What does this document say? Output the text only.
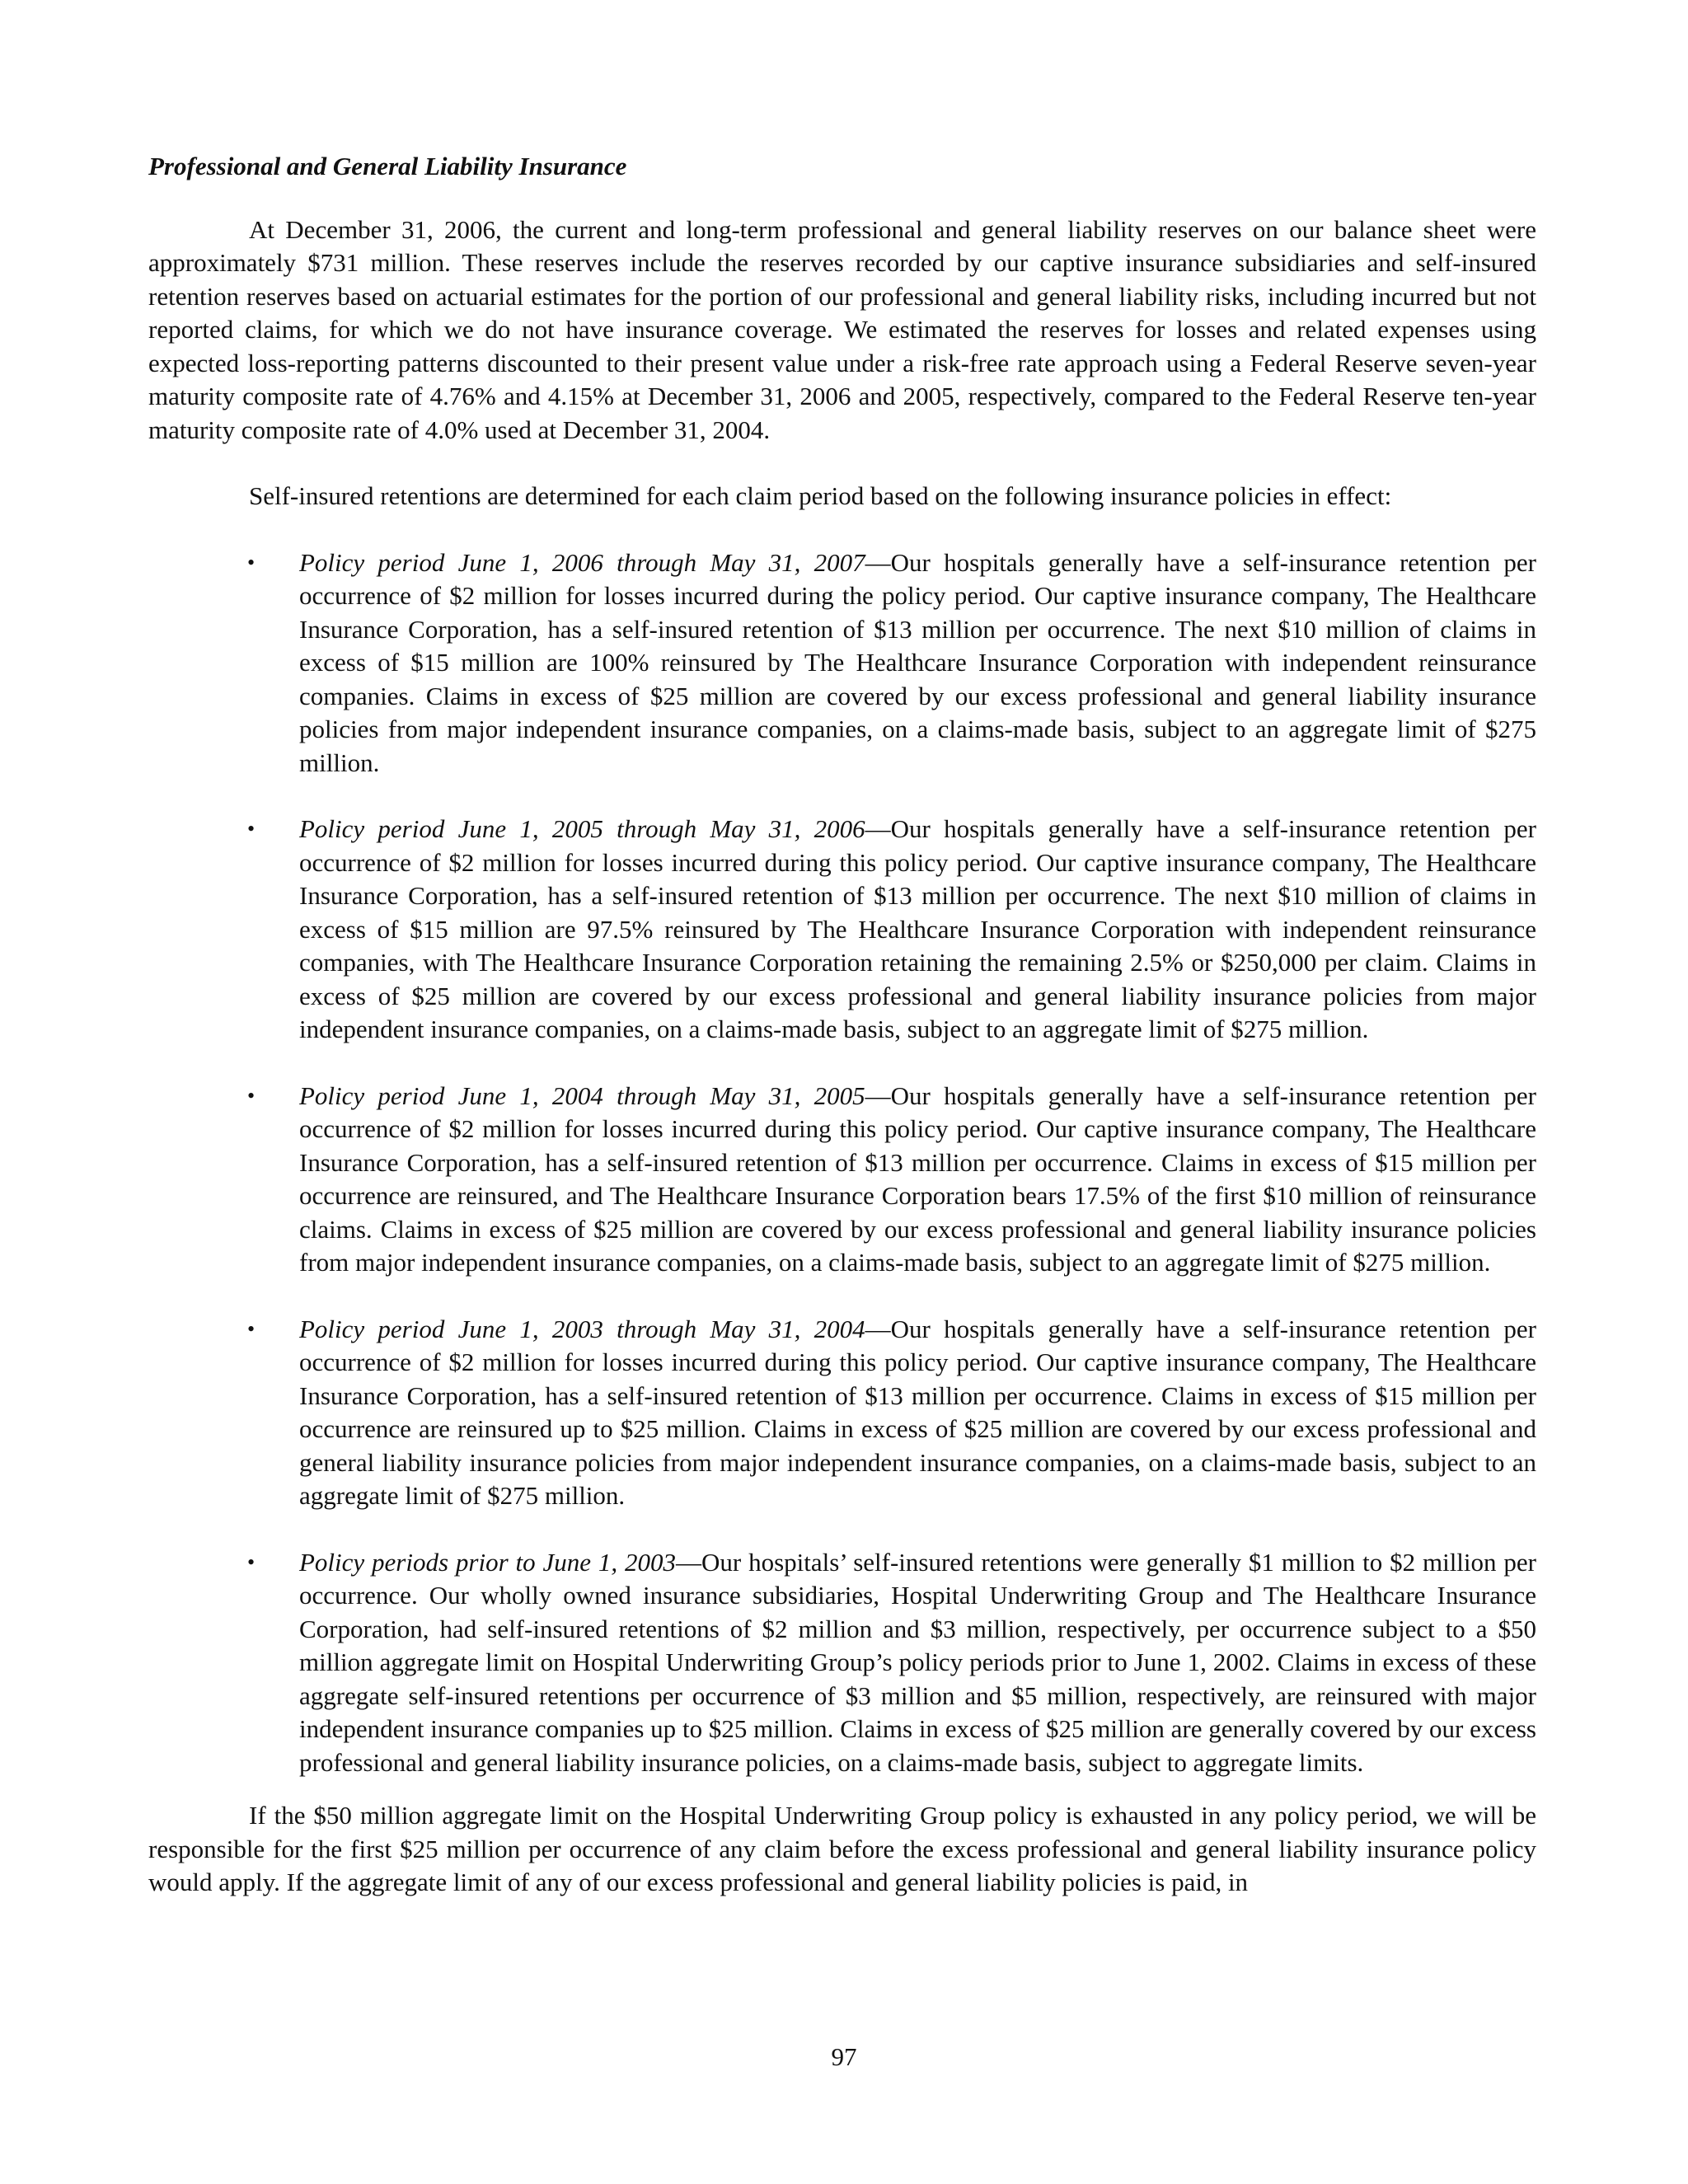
Professional and General Liability Insurance

At December 31, 2006, the current and long-term professional and general liability reserves on our balance sheet were approximately $731 million. These reserves include the reserves recorded by our captive insurance subsidiaries and self-insured retention reserves based on actuarial estimates for the portion of our professional and general liability risks, including incurred but not reported claims, for which we do not have insurance coverage. We estimated the reserves for losses and related expenses using expected loss-reporting patterns discounted to their present value under a risk-free rate approach using a Federal Reserve seven-year maturity composite rate of 4.76% and 4.15% at December 31, 2006 and 2005, respectively, compared to the Federal Reserve ten-year maturity composite rate of 4.0% used at December 31, 2004.

Self-insured retentions are determined for each claim period based on the following insurance policies in effect:

• Policy period June 1, 2006 through May 31, 2007—Our hospitals generally have a self-insurance retention per occurrence of $2 million for losses incurred during the policy period. Our captive insurance company, The Healthcare Insurance Corporation, has a self-insured retention of $13 million per occurrence. The next $10 million of claims in excess of $15 million are 100% reinsured by The Healthcare Insurance Corporation with independent reinsurance companies. Claims in excess of $25 million are covered by our excess professional and general liability insurance policies from major independent insurance companies, on a claims-made basis, subject to an aggregate limit of $275 million.
• Policy period June 1, 2005 through May 31, 2006—Our hospitals generally have a self-insurance retention per occurrence of $2 million for losses incurred during this policy period. Our captive insurance company, The Healthcare Insurance Corporation, has a self-insured retention of $13 million per occurrence. The next $10 million of claims in excess of $15 million are 97.5% reinsured by The Healthcare Insurance Corporation with independent reinsurance companies, with The Healthcare Insurance Corporation retaining the remaining 2.5% or $250,000 per claim. Claims in excess of $25 million are covered by our excess professional and general liability insurance policies from major independent insurance companies, on a claims-made basis, subject to an aggregate limit of $275 million.
• Policy period June 1, 2004 through May 31, 2005—Our hospitals generally have a self-insurance retention per occurrence of $2 million for losses incurred during this policy period. Our captive insurance company, The Healthcare Insurance Corporation, has a self-insured retention of $13 million per occurrence. Claims in excess of $15 million per occurrence are reinsured, and The Healthcare Insurance Corporation bears 17.5% of the first $10 million of reinsurance claims. Claims in excess of $25 million are covered by our excess professional and general liability insurance policies from major independent insurance companies, on a claims-made basis, subject to an aggregate limit of $275 million.
• Policy period June 1, 2003 through May 31, 2004—Our hospitals generally have a self-insurance retention per occurrence of $2 million for losses incurred during this policy period. Our captive insurance company, The Healthcare Insurance Corporation, has a self-insured retention of $13 million per occurrence. Claims in excess of $15 million per occurrence are reinsured up to $25 million. Claims in excess of $25 million are covered by our excess professional and general liability insurance policies from major independent insurance companies, on a claims-made basis, subject to an aggregate limit of $275 million.
• Policy periods prior to June 1, 2003—Our hospitals’ self-insured retentions were generally $1 million to $2 million per occurrence. Our wholly owned insurance subsidiaries, Hospital Underwriting Group and The Healthcare Insurance Corporation, had self-insured retentions of $2 million and $3 million, respectively, per occurrence subject to a $50 million aggregate limit on Hospital Underwriting Group’s policy periods prior to June 1, 2002. Claims in excess of these aggregate self-insured retentions per occurrence of $3 million and $5 million, respectively, are reinsured with major independent insurance companies up to $25 million. Claims in excess of $25 million are generally covered by our excess professional and general liability insurance policies, on a claims-made basis, subject to aggregate limits.

If the $50 million aggregate limit on the Hospital Underwriting Group policy is exhausted in any policy period, we will be responsible for the first $25 million per occurrence of any claim before the excess professional and general liability insurance policy would apply. If the aggregate limit of any of our excess professional and general liability policies is paid, in

97
